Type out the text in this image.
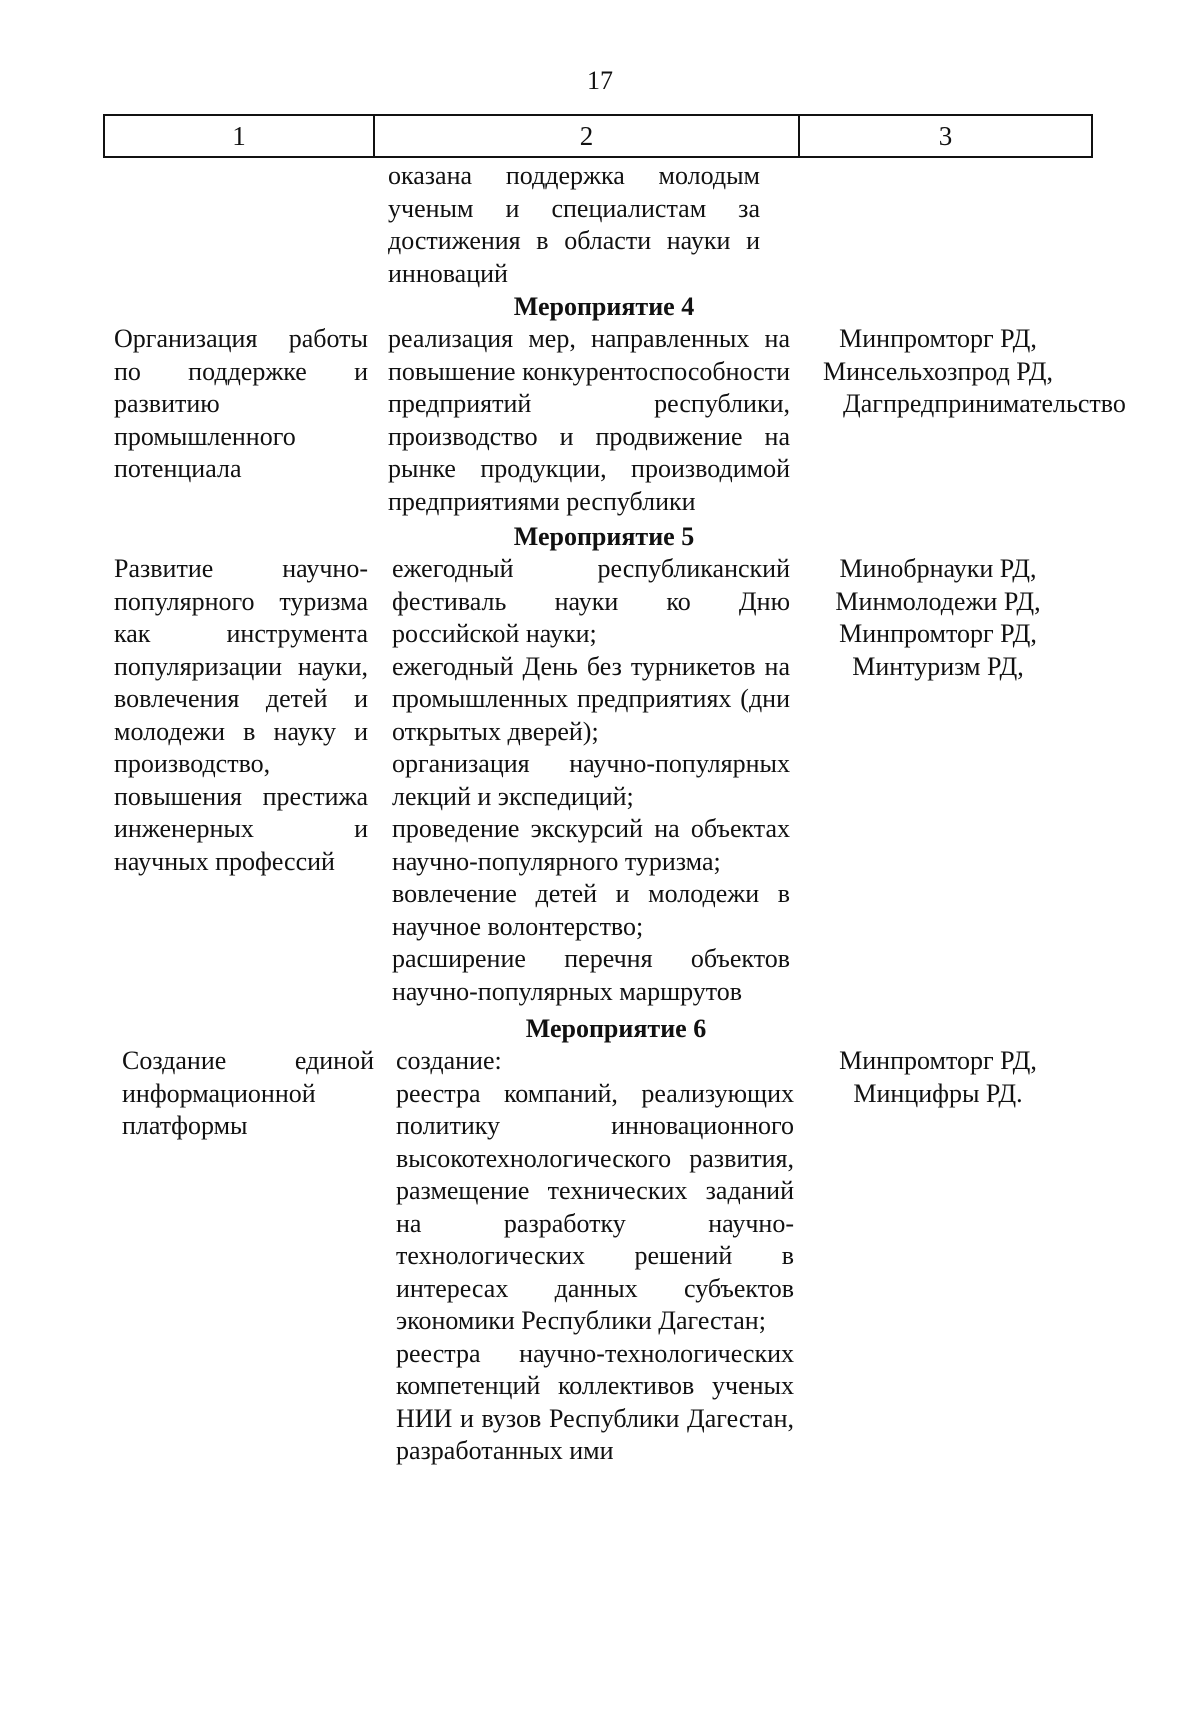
17
1	2	3

оказана поддержка молодым ученым и специалистам за достижения в области науки и инноваций

Мероприятие 4
Организация работы по поддержке и развитию промышленного потенциала

реализация мер, направленных на повышение конкурентоспособности предприятий республики, производство и продвижение на рынке продукции, производимой предприятиями республики

Минпромторг РД,
Минсельхозпрод РД,
Дагпредпринимательство
Мероприятие 5
Развитие научно-популярного туризма как инструмента популяризации науки, вовлечения детей и молодежи в науку и производство, повышения престижа инженерных и научных профессий

ежегодный республиканский фестиваль науки ко Дню российской науки;

ежегодный День без турникетов на промышленных предприятиях (дни открытых дверей);

организация научно-популярных лекций и экспедиций;

проведение экскурсий на объектах научно-популярного туризма;

вовлечение детей и молодежи в научное волонтерство;

расширение перечня объектов научно-популярных маршрутов

Минобрнауки РД,
Минмолодежи РД,
Минпромторг РД,
Минтуризм РД,
Мероприятие 6
Создание единой информационной платформы

создание:

реестра компаний, реализующих политику инновационного высокотехнологического развития, размещение технических заданий на разработку научно-технологических решений в интересах данных субъектов экономики Республики Дагестан;

реестра научно-технологических компетенций коллективов ученых НИИ и вузов Республики Дагестан, разработанных ими

Минпромторг РД,
Минцифры РД.
